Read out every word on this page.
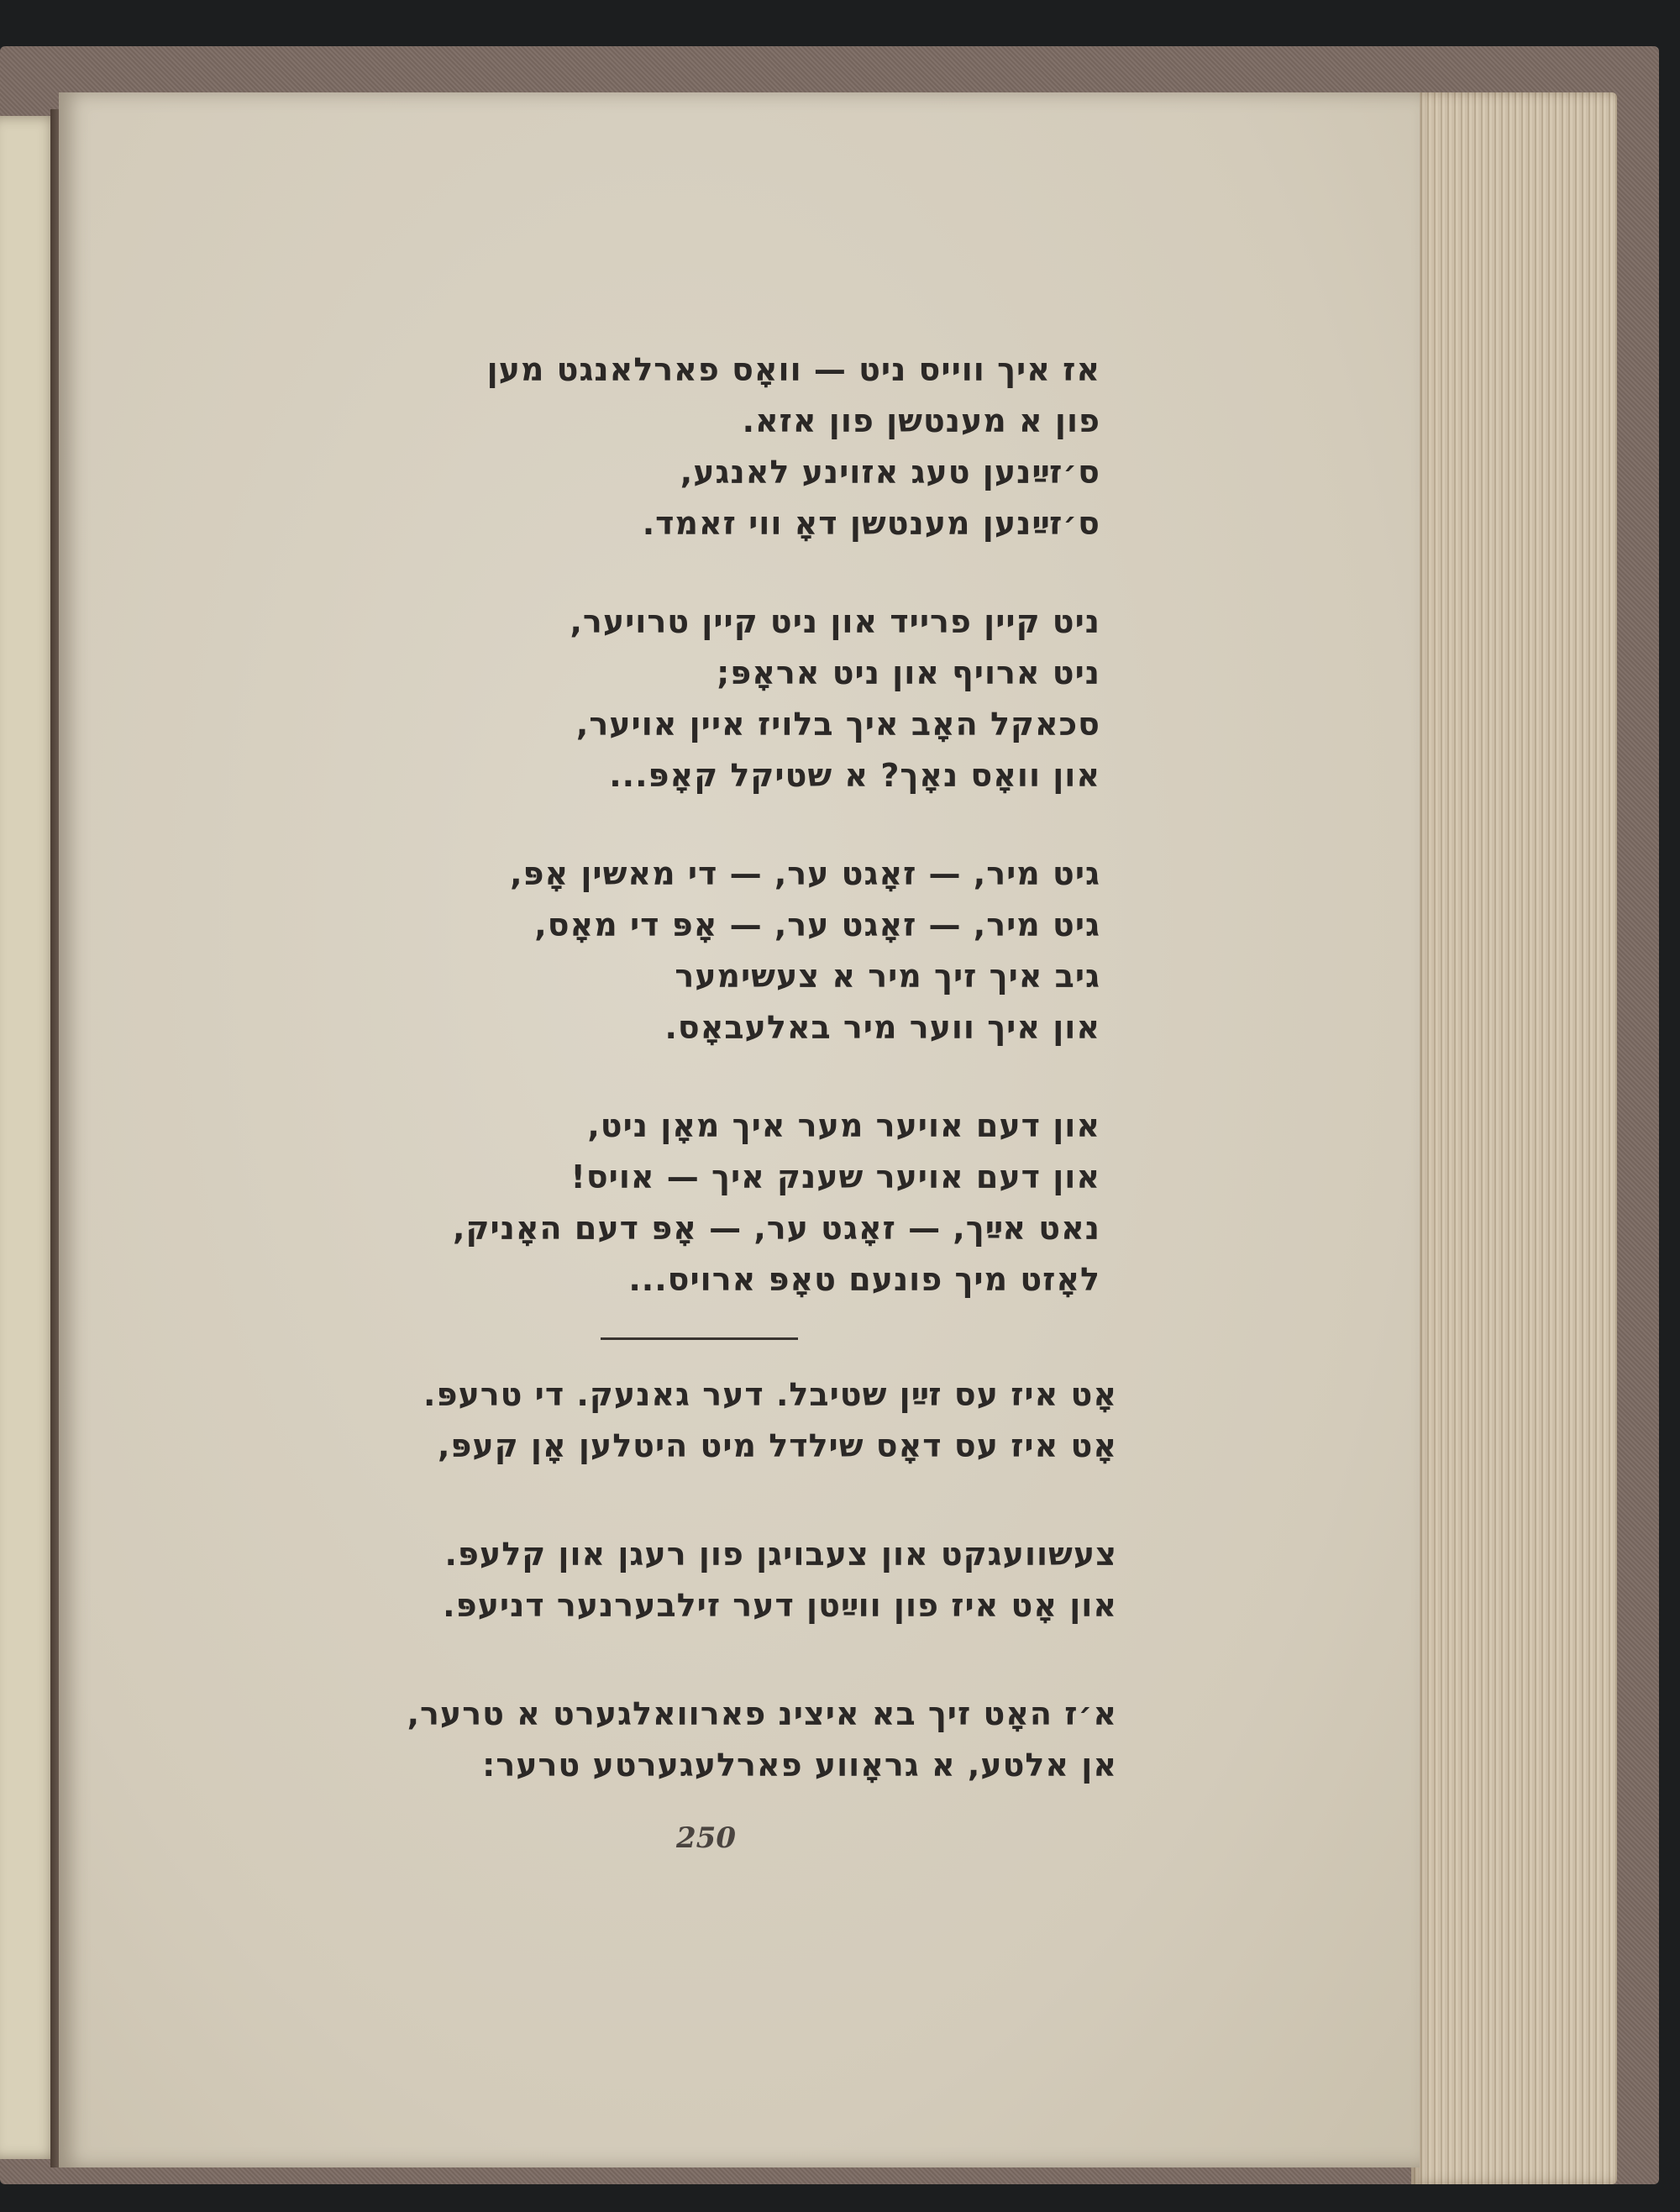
אז איך ווייס ניט — וואָס פארלאנגט מען
פון א מענטשן פון אזא.
ס׳זײַנען טעג אזוינע לאנגע,
ס׳זײַנען מענטשן דאָ ווי זאמד.
ניט קיין פרייד און ניט קיין טרויער,
ניט ארויף און ניט אראָפּ;
סכאקל האָב איך בלויז איין אויער,
און וואָס נאָך? א שטיקל קאָפּ...
גיט מיר, — זאָגט ער, — די מאשין אָפּ,
גיט מיר, — זאָגט ער, — אָפּ די מאָס,
גיב איך זיך מיר א צעשימער
און איך ווער מיר באלעבאָס.
און דעם אויער מער איך מאָן ניט,
און דעם אויער שענק איך — אויס!
נאט אײַך, — זאָגט ער, — אָפּ דעם האָניק,
לאָזט מיך פונעם טאָפּ ארויס...
אָט איז עס זײַן שטיבל. דער גאנעק. די טרעפּ.
אָט איז עס דאָס שילדל מיט היטלען אָן קעפּ,
צעשוועגקט און צעבויגן פון רעגן און קלעפּ.
און אָט איז פון ווײַטן דער זילבערנער דניעפּ.
א׳ז האָט זיך בא איצינ פארוואלגערט א טרער,
אן אלטע, א גראָווע פארלעגערטע טרער:
250
